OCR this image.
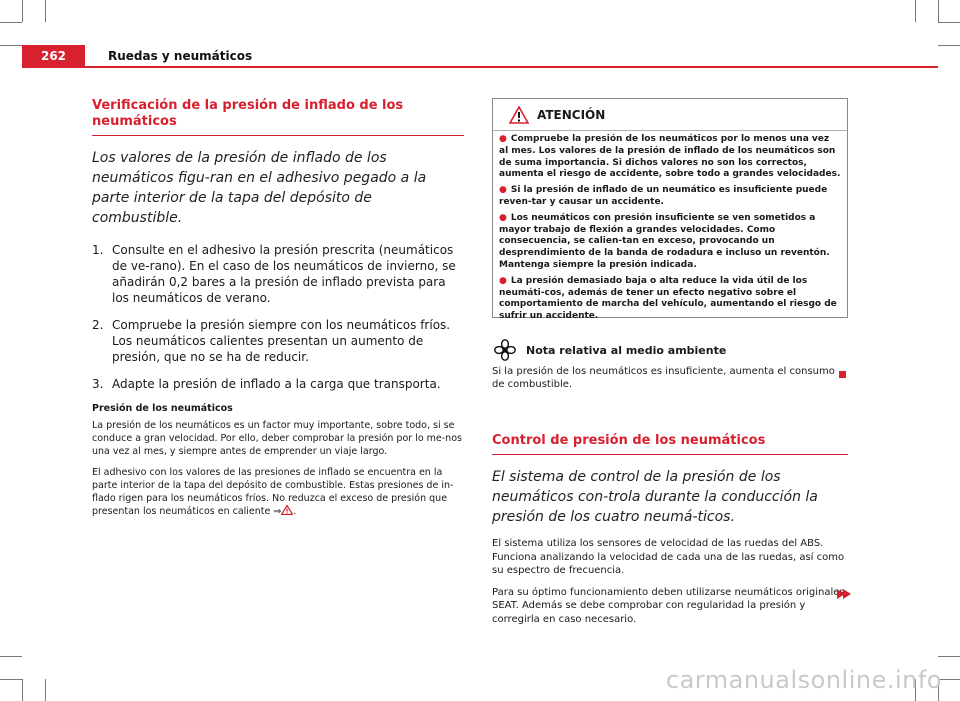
262	Ruedas y neumáticos
Verificación de la presión de inflado de los neumáticos
Los valores de la presión de inflado de los neumáticos figu-ran en el adhesivo pegado a la parte interior de la tapa del depósito de combustible.
1. Consulte en el adhesivo la presión prescrita (neumáticos de ve-rano). En el caso de los neumáticos de invierno, se añadirán 0,2 bares a la presión de inflado prevista para los neumáticos de verano.
2. Compruebe la presión siempre con los neumáticos fríos. Los neumáticos calientes presentan un aumento de presión, que no se ha de reducir.
3. Adapte la presión de inflado a la carga que transporta.
Presión de los neumáticos
La presión de los neumáticos es un factor muy importante, sobre todo, si se conduce a gran velocidad. Por ello, deber comprobar la presión por lo me-nos una vez al mes, y siempre antes de emprender un viaje largo.
El adhesivo con los valores de las presiones de inflado se encuentra en la parte interior de la tapa del depósito de combustible. Estas presiones de in-flado rigen para los neumáticos fríos. No reduzca el exceso de presión que presentan los neumáticos en caliente ⇒ .
ATENCIÓN
● Compruebe la presión de los neumáticos por lo menos una vez al mes. Los valores de la presión de inflado de los neumáticos son de suma importancia. Si dichos valores no son los correctos, aumenta el riesgo de accidente, sobre todo a grandes velocidades.
● Si la presión de inflado de un neumático es insuficiente puede reven-tar y causar un accidente.
● Los neumáticos con presión insuficiente se ven sometidos a mayor trabajo de flexión a grandes velocidades. Como consecuencia, se calien-tan en exceso, provocando un desprendimiento de la banda de rodadura e incluso un reventón. Mantenga siempre la presión indicada.
● La presión demasiado baja o alta reduce la vida útil de los neumáti-cos, además de tener un efecto negativo sobre el comportamiento de marcha del vehículo, aumentando el riesgo de sufrir un accidente.
Nota relativa al medio ambiente
Si la presión de los neumáticos es insuficiente, aumenta el consumo de combustible.
Control de presión de los neumáticos
El sistema de control de la presión de los neumáticos con-trola durante la conducción la presión de los cuatro neumá-ticos.
El sistema utiliza los sensores de velocidad de las ruedas del ABS. Funciona analizando la velocidad de cada una de las ruedas, así como su espectro de frecuencia.
Para su óptimo funcionamiento deben utilizarse neumáticos originales SEAT. Además se debe comprobar con regularidad la presión y corregirla en caso necesario.
carmanualsonline.info
